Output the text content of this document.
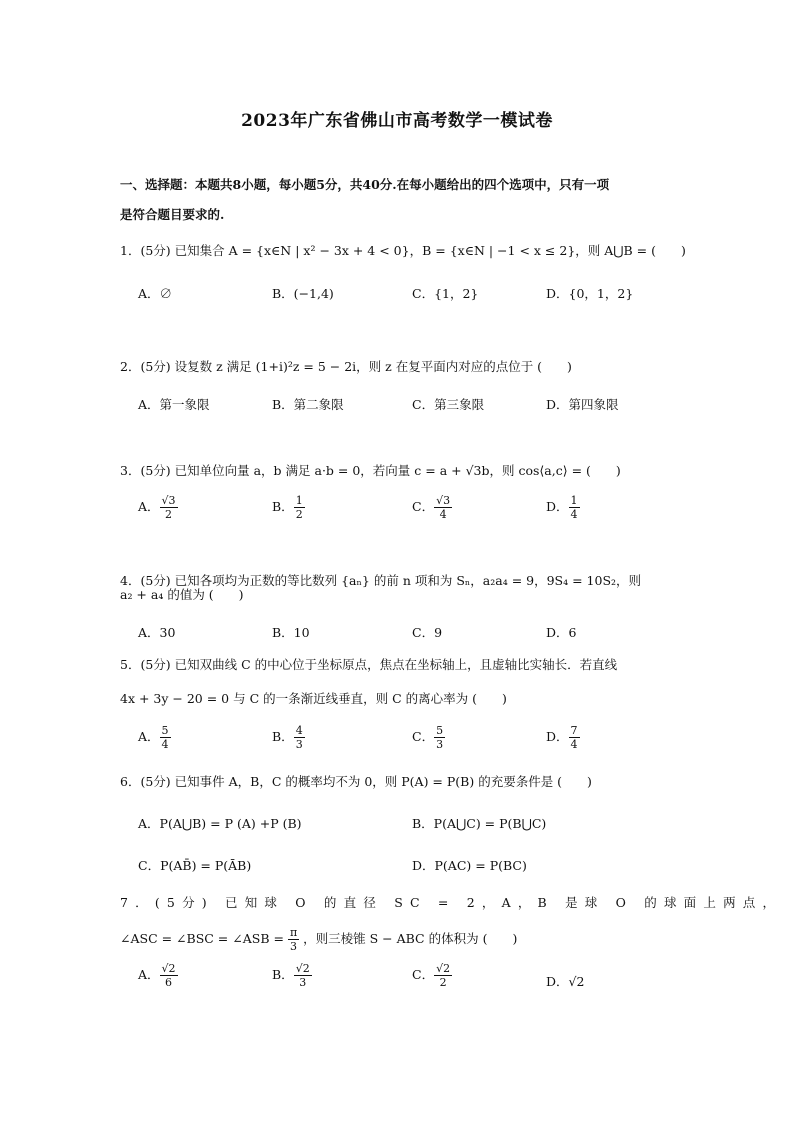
2023年广东省佛山市高考数学一模试卷
一、选择题：本题共8小题，每小题5分，共40分.在每小题给出的四个选项中，只有一项
是符合题目要求的.
1．(5分) 已知集合 A = {x∈N | x² − 3x + 4 < 0}，B = {x∈N | −1 < x ≤ 2}，则 A⋃B = (　　)
A．∅	B．(−1,4)	C．{1，2}	D．{0，1，2}
2．(5分) 设复数 z 满足 (1+i)²z = 5 − 2i，则 z 在复平面内对应的点位于 (　　)
A．第一象限	B．第二象限	C．第三象限	D．第四象限
3．(5分) 已知单位向量 a，b 满足 a·b = 0，若向量 c = a + √3b，则 cos⟨a,c⟩ = (　　)
A． $\frac{√3}{2}$	B． $\frac{1}{2}$	C． $\frac{√3}{4}$	D． $\frac{1}{4}$
4．(5分) 已知各项均为正数的等比数列 {aₙ} 的前 n 项和为 Sₙ，a₂a₄ = 9，9S₄ = 10S₂，则
a₂ + a₄ 的值为 (　　)
A．30	B．10	C．9	D．6
5．(5分) 已知双曲线 C 的中心位于坐标原点，焦点在坐标轴上，且虚轴比实轴长．若直线
4x + 3y − 20 = 0 与 C 的一条渐近线垂直，则 C 的离心率为 (　　)
A． $\frac{5}{4}$	B． $\frac{4}{3}$	C． $\frac{5}{3}$	D． $\frac{7}{4}$
6．(5分) 已知事件 A，B，C 的概率均不为 0，则 P(A) = P(B) 的充要条件是 (　　)
A．P(A⋃B) = P (A) +P (B)	B．P(A⋃C) = P(B⋃C)
C．P(AB̄) = P(ĀB)	D．P(AC) = P(BC)
7．(5分) 已知球 O 的直径 SC = 2，A，B 是球 O 的球面上两点，
∠ASC = ∠BSC = ∠ASB = $\frac{\pi}{3}$ ，则三棱锥 S − ABC 的体积为 (　　)
A． $\frac{√2}{6}$	B． $\frac{√2}{3}$	C． $\frac{√2}{2}$	D．√2
